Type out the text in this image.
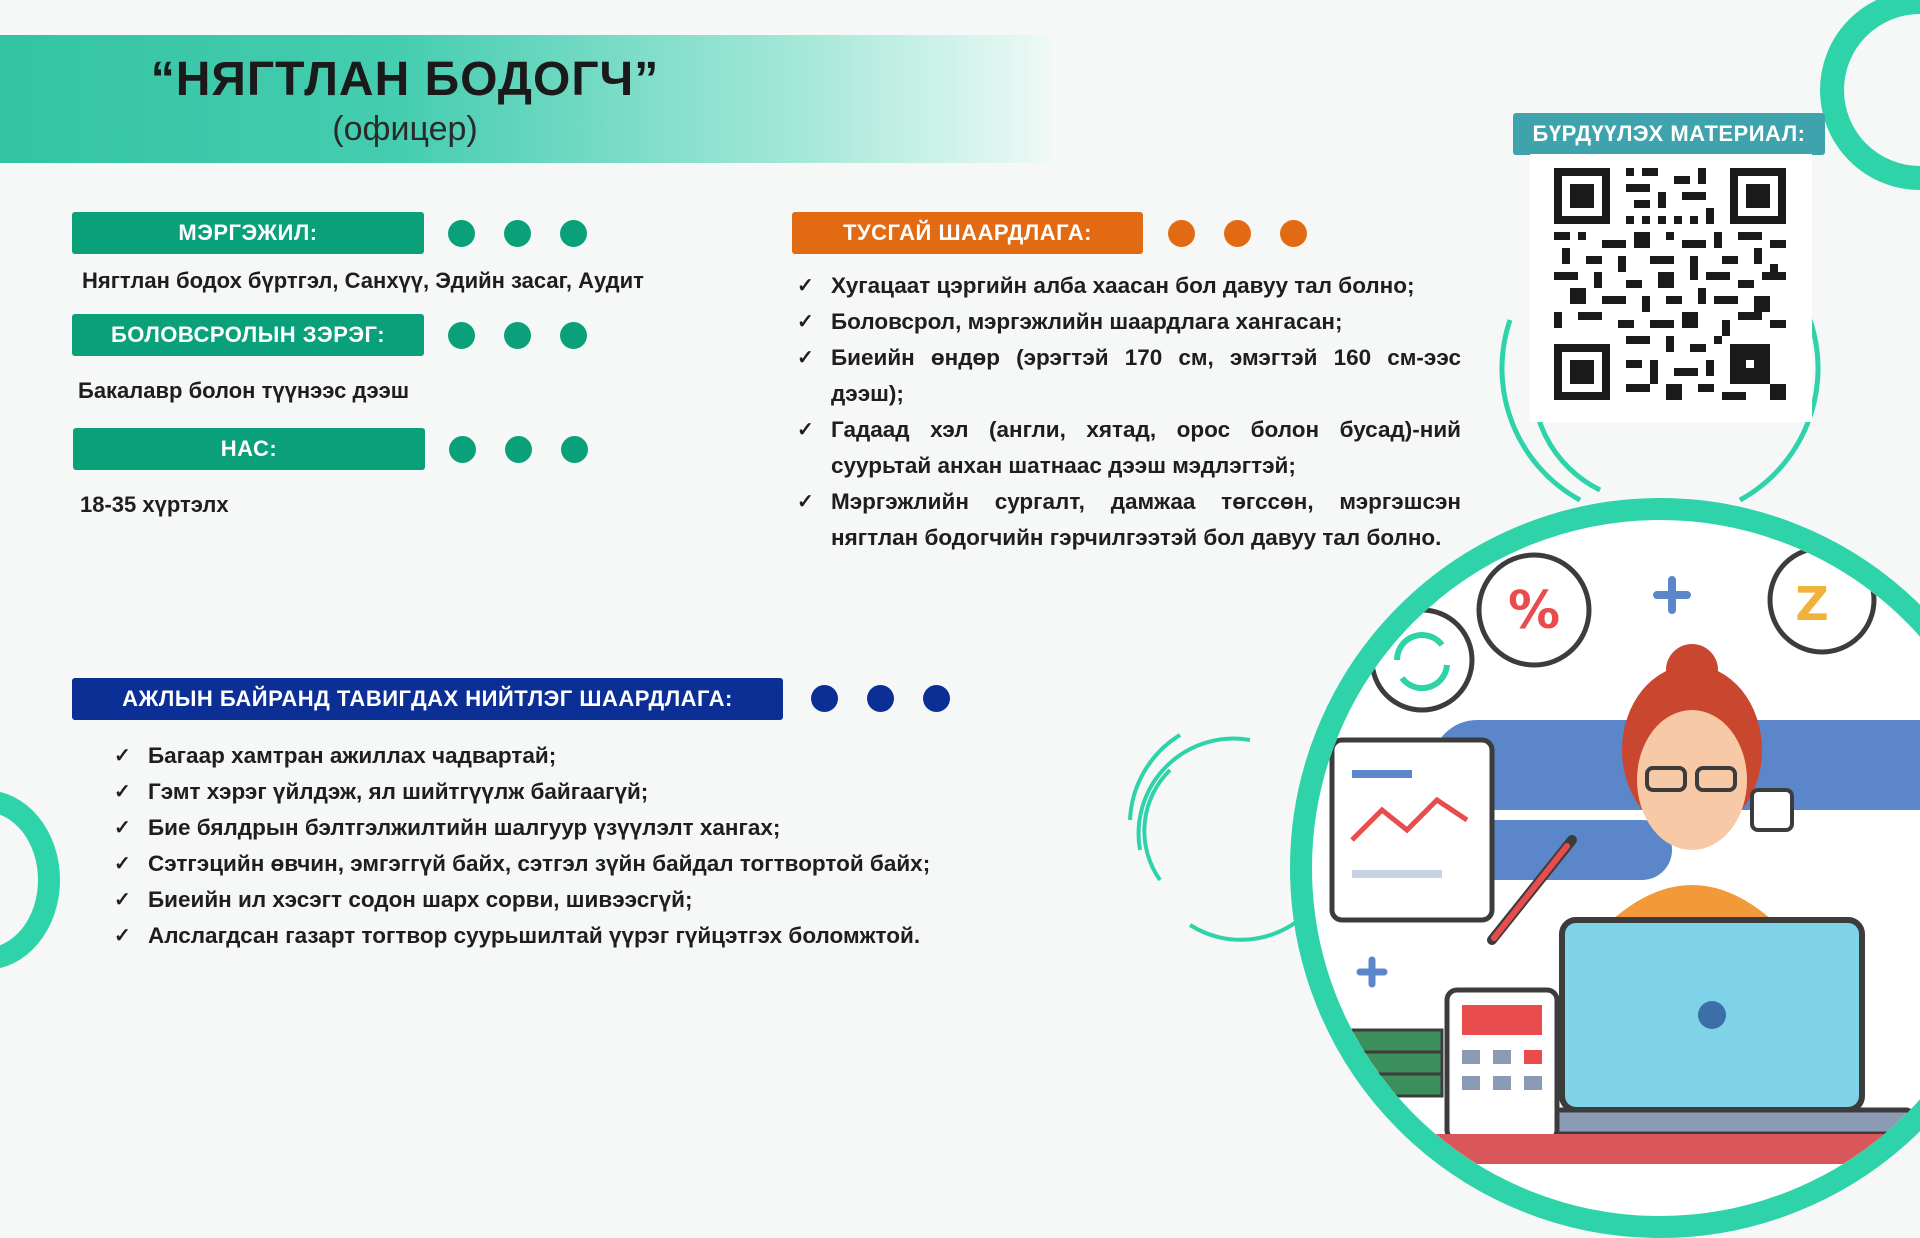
“НЯГТЛАН БОДОГЧ”
(офицер)
МЭРГЭЖИЛ:
Нягтлан бодох бүртгэл, Санхүү, Эдийн засаг, Аудит
БОЛОВСРОЛЫН ЗЭРЭГ:
Бакалавр болон түүнээс дээш
НАС:
18-35 хүртэлх
ТУСГАЙ ШААРДЛАГА:
✓ Хугацаат цэргийн алба хаасан бол давуу тал болно;
✓ Боловсрол, мэргэжлийн шаардлага хангасан;
✓ Биеийн өндөр (эрэгтэй 170 см, эмэгтэй 160 см-ээс дээш);
✓ Гадаад хэл (англи, хятад, орос болон бусад)-ний суурьтай анхан шатнаас дээш мэдлэгтэй;
✓ Мэргэжлийн сургалт, дамжаа төгссөн, мэргэшсэн нягтлан бодогчийн гэрчилгээтэй бол давуу тал болно.
АЖЛЫН БАЙРАНД ТАВИГДАХ НИЙТЛЭГ ШААРДЛАГА:
✓ Багаар хамтран ажиллах чадвартай;
✓ Гэмт хэрэг үйлдэж, ял шийтгүүлж байгаагүй;
✓ Бие бялдрын бэлтгэлжилтийн шалгуур үзүүлэлт хангах;
✓ Сэтгэцийн өвчин, эмгэггүй байх, сэтгэл зүйн байдал тогтвортой байх;
✓ Биеийн ил хэсэгт содон шарх сорви, шивээсгүй;
✓ Алслагдсан газарт тогтвор суурьшилтай үүрэг гүйцэтгэх боломжтой.
БҮРДҮҮЛЭХ МАТЕРИАЛ:
%	Z
